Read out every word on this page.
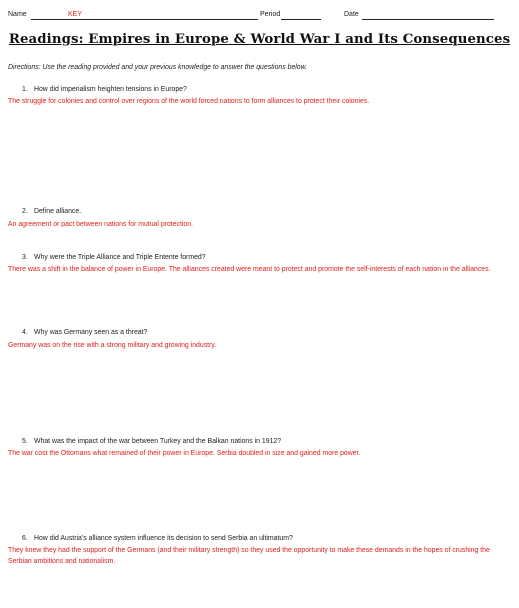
Name	KEY	Period	Date
Readings: Empires in Europe & World War I and Its Consequences
Directions: Use the reading provided and your previous knowledge to answer the questions below.
1. How did imperialism heighten tensions in Europe?
The struggle for colonies and control over regions of the world forced nations to form alliances to protect their colonies.
2. Define alliance.
An agreement or pact between nations for mutual protection.
3. Why were the Triple Alliance and Triple Entente formed?
There was a shift in the balance of power in Europe. The alliances created were meant to protect and promote the self-interests of each nation in the alliances.
4. Why was Germany seen as a threat?
Germany was on the rise with a strong military and growing industry.
5. What was the impact of the war between Turkey and the Balkan nations in 1912?
The war cost the Ottomans what remained of their power in Europe. Serbia doubled in size and gained more power.
6. How did Austria’s alliance system influence its decision to send Serbia an ultimatum?
They knew they had the support of the Germans (and their military strength) so they used the opportunity to make these demands in the hopes of crushing the Serbian ambitions and nationalism.
